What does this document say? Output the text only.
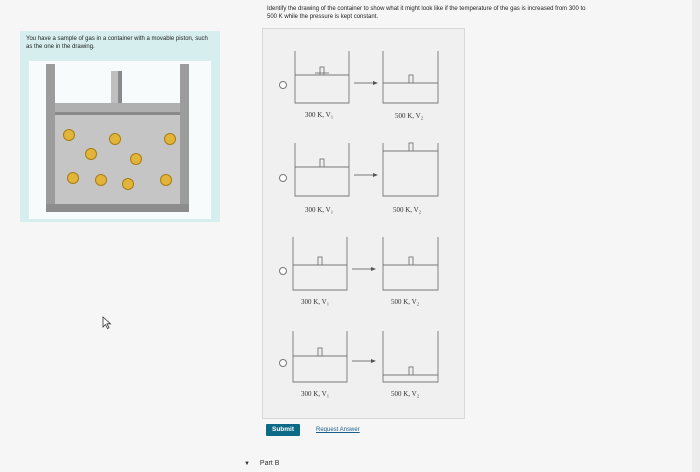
You have a sample of gas in a container with a movable piston, such as the one in the drawing.
Identify the drawing of the container to show what it might look like if the temperature of the gas is increased from 300 to
500 K while the pressure is kept constant.
300 K, V₁	500 K, V₂
300 K, V₁	500 K, V₂
300 K, V₁	500 K, V₂
300 K, V₁	500 K, V₂
Submit	Request Answer
▼ Part B
